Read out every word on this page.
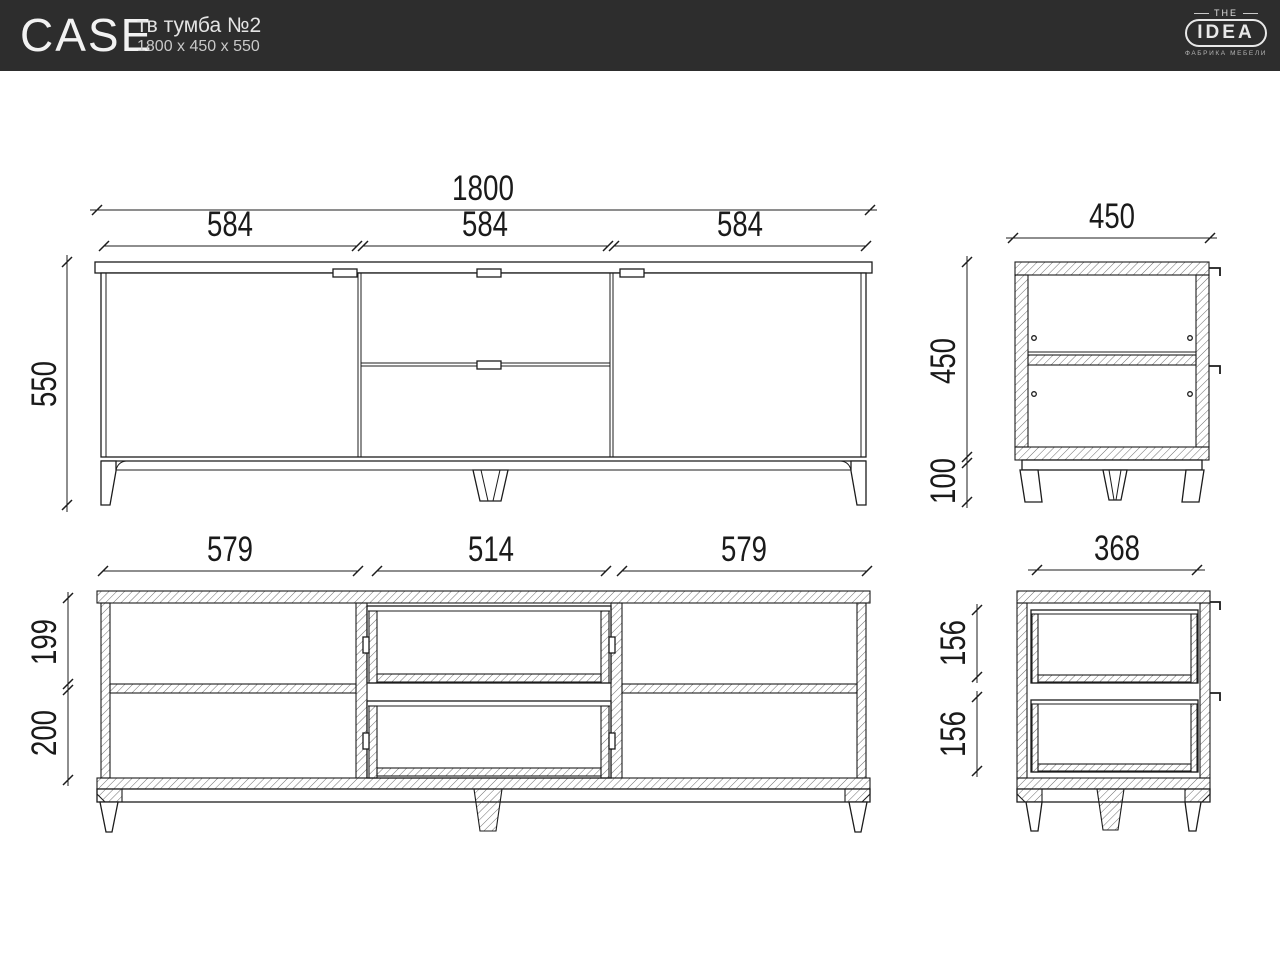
CASE
тв тумба №2
1800 x 450 x 550
THE
IDEA
ФАБРИКА МЕБЕЛИ
1800
584	584	584
550
450
450
100
579	514	579
199
200
368
156
156
